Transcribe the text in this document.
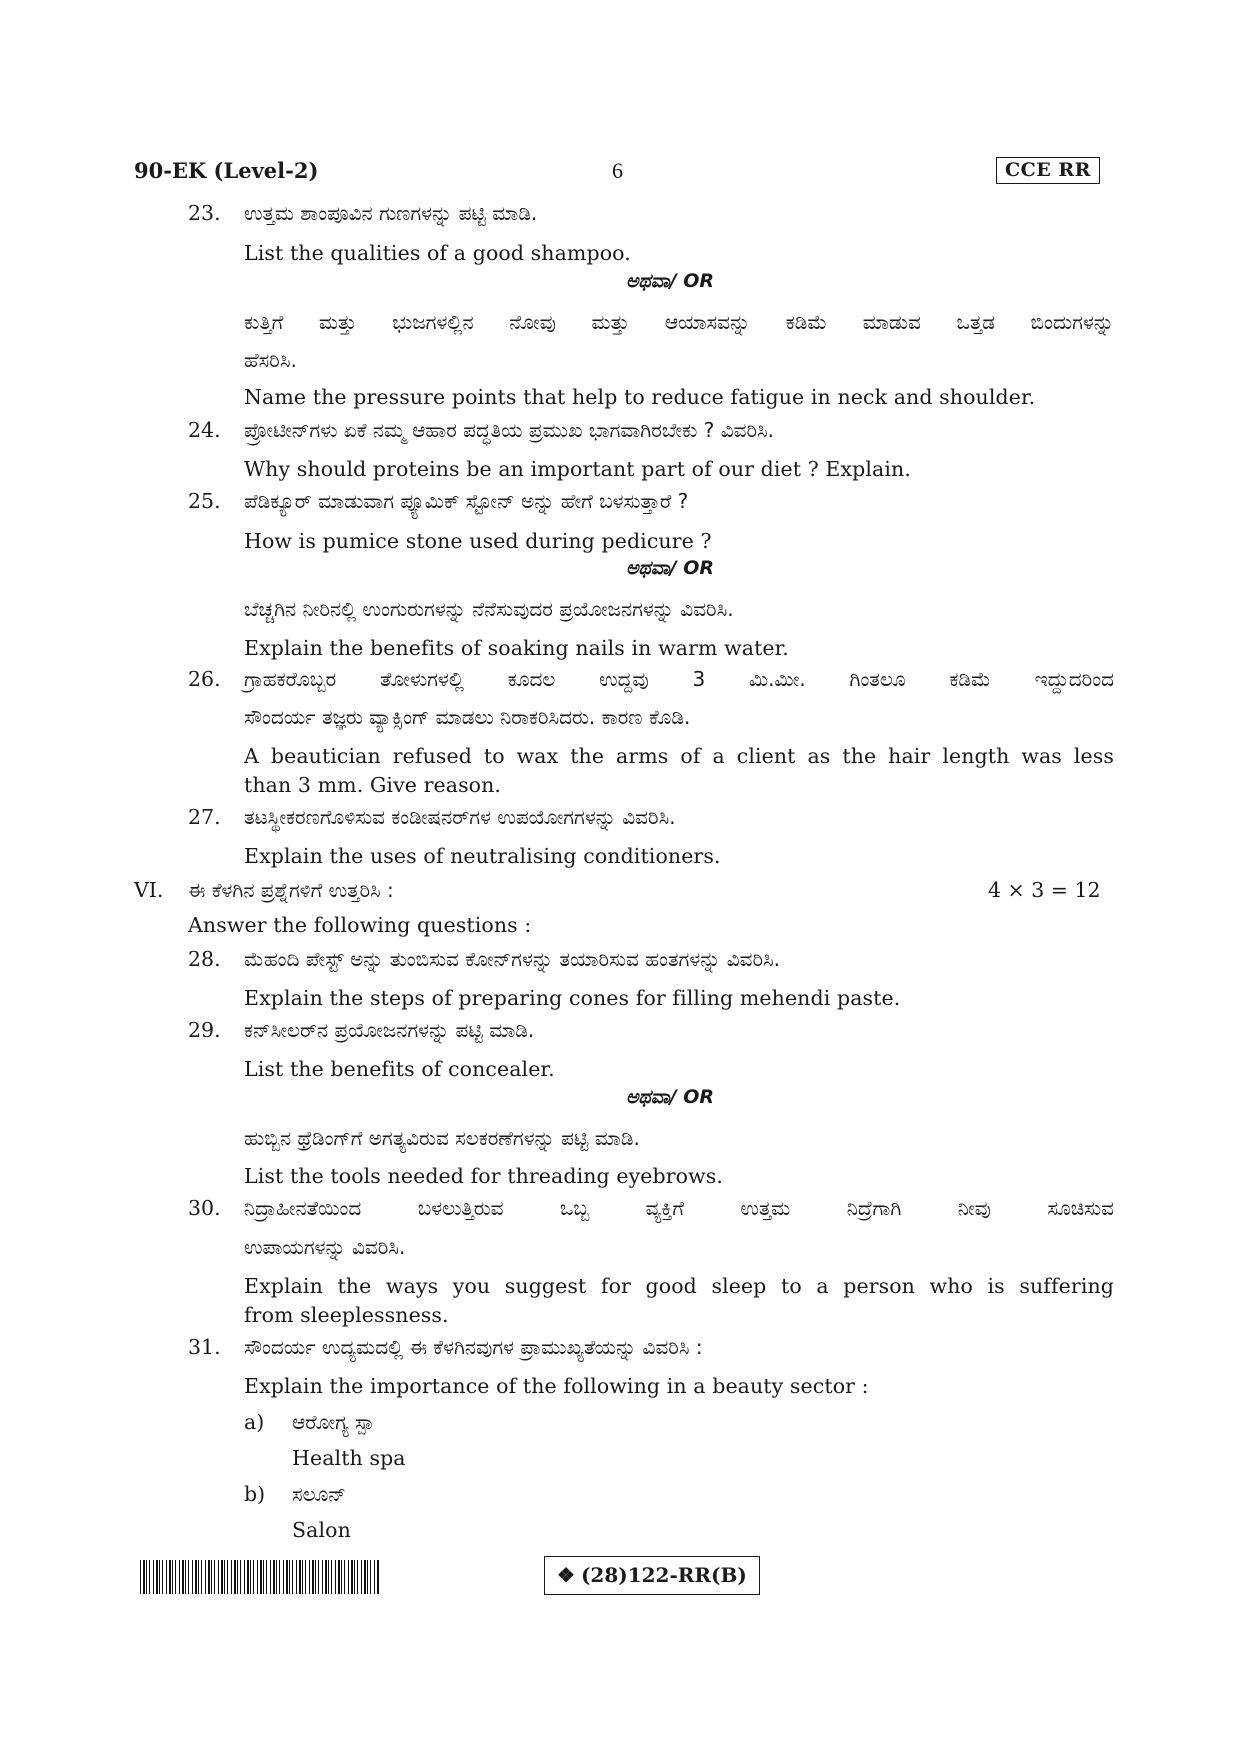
90-EK (Level-2)	6	CCE RR
23. ಉತ್ತಮ ಶಾಂಪೂವಿನ ಗುಣಗಳನ್ನು ಪಟ್ಟಿ ಮಾಡಿ.
List the qualities of a good shampoo.
ಅಥವಾ/ OR
ಕುತ್ತಿಗೆ ಮತ್ತು ಭುಜಗಳಲ್ಲಿನ ನೋವು ಮತ್ತು ಆಯಾಸವನ್ನು ಕಡಿಮೆ ಮಾಡುವ ಒತ್ತಡ ಬಿಂದುಗಳನ್ನು
ಹೆಸರಿಸಿ.
Name the pressure points that help to reduce fatigue in neck and shoulder.
24. ಪ್ರೋಟೀನ್‌ಗಳು ಏಕೆ ನಮ್ಮ ಆಹಾರ ಪದ್ಧತಿಯ ಪ್ರಮುಖ ಭಾಗವಾಗಿರಬೇಕು ? ವಿವರಿಸಿ.
Why should proteins be an important part of our diet ? Explain.
25. ಪೆಡಿಕ್ಯೂರ್ ಮಾಡುವಾಗ ಪ್ಯೂಮಿಕ್ ಸ್ಟೋನ್ ಅನ್ನು ಹೇಗೆ ಬಳಸುತ್ತಾರೆ ?
How is pumice stone used during pedicure ?
ಅಥವಾ/ OR
ಬೆಚ್ಚಗಿನ ನೀರಿನಲ್ಲಿ ಉಂಗುರುಗಳನ್ನು ನೆನೆಸುವುದರ ಪ್ರಯೋಜನಗಳನ್ನು ವಿವರಿಸಿ.
Explain the benefits of soaking nails in warm water.
26. ಗ್ರಾಹಕರೊಬ್ಬರ ತೋಳುಗಳಲ್ಲಿ ಕೂದಲ ಉದ್ದವು 3 ಮಿ.ಮೀ. ಗಿಂತಲೂ ಕಡಿಮೆ ಇದ್ದುದರಿಂದ
ಸೌಂದರ್ಯ ತಜ್ಞರು ವ್ಯಾಕ್ಸಿಂಗ್ ಮಾಡಲು ನಿರಾಕರಿಸಿದರು. ಕಾರಣ ಕೊಡಿ.
A beautician refused to wax the arms of a client as the hair length was less
than 3 mm. Give reason.
27. ತಟಸ್ಥೀಕರಣಗೊಳಿಸುವ ಕಂಡೀಷನರ್‌ಗಳ ಉಪಯೋಗಗಳನ್ನು ವಿವರಿಸಿ.
Explain the uses of neutralising conditioners.
VI. ಈ ಕೆಳಗಿನ ಪ್ರಶ್ನೆಗಳಿಗೆ ಉತ್ತರಿಸಿ :	4 × 3 = 12
Answer the following questions :
28. ಮೆಹಂದಿ ಪೇಸ್ಟ್ ಅನ್ನು ತುಂಬಿಸುವ ಕೋನ್‌ಗಳನ್ನು ತಯಾರಿಸುವ ಹಂತಗಳನ್ನು ವಿವರಿಸಿ.
Explain the steps of preparing cones for filling mehendi paste.
29. ಕನ್‌ಸೀಲರ್‌ನ ಪ್ರಯೋಜನಗಳನ್ನು ಪಟ್ಟಿ ಮಾಡಿ.
List the benefits of concealer.
ಅಥವಾ/ OR
ಹುಬ್ಬಿನ ಥ್ರೆಡಿಂಗ್‌ಗೆ ಅಗತ್ಯವಿರುವ ಸಲಕರಣೆಗಳನ್ನು ಪಟ್ಟಿ ಮಾಡಿ.
List the tools needed for threading eyebrows.
30. ನಿದ್ರಾಹೀನತೆಯಿಂದ ಬಳಲುತ್ತಿರುವ ಒಬ್ಬ ವ್ಯಕ್ತಿಗೆ ಉತ್ತಮ ನಿದ್ರೆಗಾಗಿ ನೀವು ಸೂಚಿಸುವ
ಉಪಾಯಗಳನ್ನು ವಿವರಿಸಿ.
Explain the ways you suggest for good sleep to a person who is suffering
from sleeplessness.
31. ಸೌಂದರ್ಯ ಉದ್ಯಮದಲ್ಲಿ ಈ ಕೆಳಗಿನವುಗಳ ಪ್ರಾಮುಖ್ಯತೆಯನ್ನು ವಿವರಿಸಿ :
Explain the importance of the following in a beauty sector :
a) ಆರೋಗ್ಯ ಸ್ಪಾ
Health spa
b) ಸಲೂನ್
Salon
❖ (28)122-RR(B)
